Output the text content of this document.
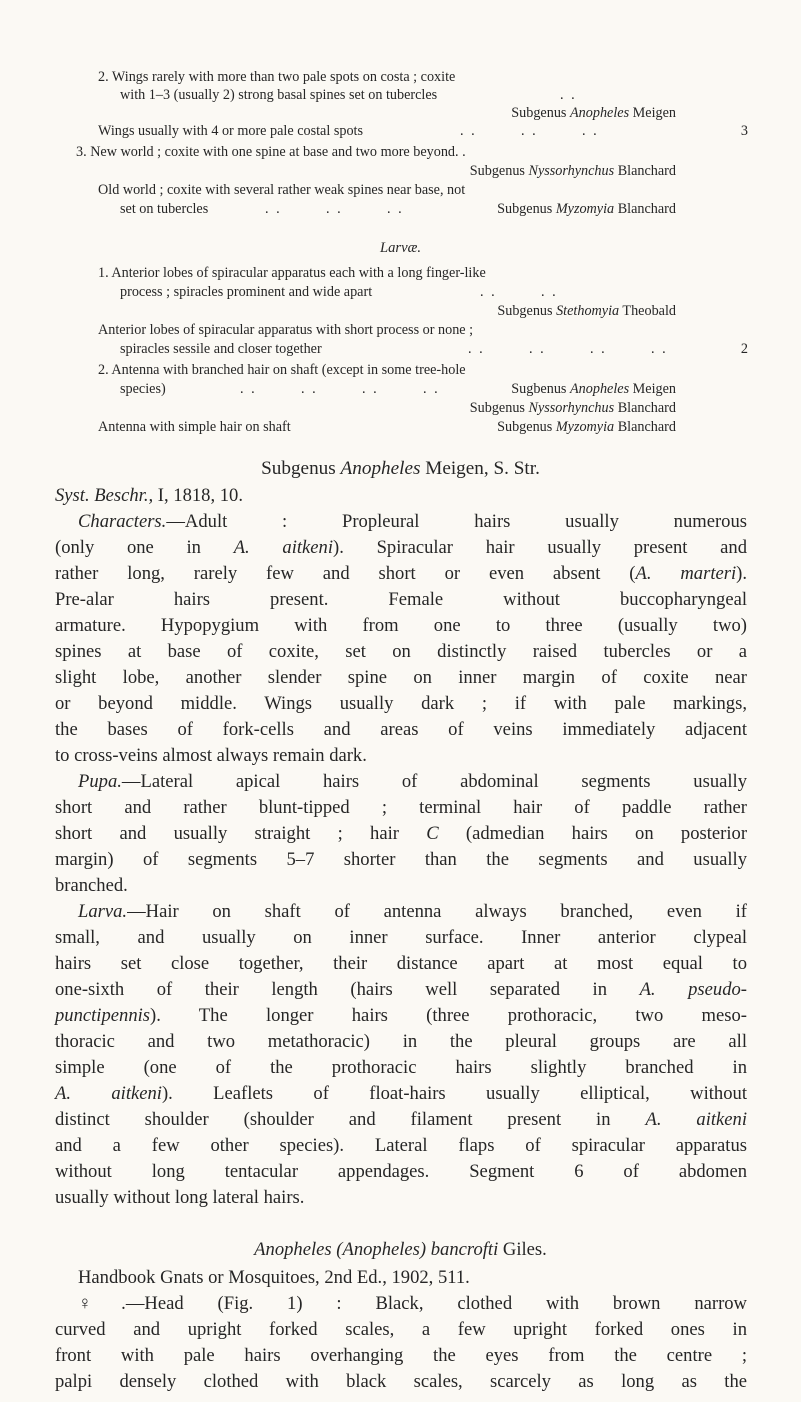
2. Wings rarely with more than two pale spots on costa ; coxite
with 1–3 (usually 2) strong basal spines set on tubercles	. .
Subgenus Anopheles Meigen
Wings usually with 4 or more pale costal spots	. .        . .        . .	3
3. New world ; coxite with one spine at base and two more beyond. .
Subgenus Nyssorhynchus Blanchard
Old world ; coxite with several rather weak spines near base, not
set on tubercles	. .        . .        . .	Subgenus Myzomyia Blanchard
Larvæ.
1. Anterior lobes of spiracular apparatus each with a long finger-like
process ; spiracles prominent and wide apart	. .        . .
Subgenus Stethomyia Theobald
Anterior lobes of spiracular apparatus with short process or none ;
spiracles sessile and closer together	. .        . .        . .        . .	2
2. Antenna with branched hair on shaft (except in some tree-hole
species)	. .        . .        . .        . .	Sugbenus Anopheles Meigen
Subgenus Nyssorhynchus Blanchard
Antenna with simple hair on shaft	Subgenus Myzomyia Blanchard
Subgenus Anopheles Meigen, S. Str.
Syst. Beschr., I, 1818, 10.
Characters.—Adult : Propleural hairs usually numerous
(only one in A. aitkeni). Spiracular hair usually present and
rather long, rarely few and short or even absent (A. marteri).
Pre-alar hairs present. Female without buccopharyngeal
armature. Hypopygium with from one to three (usually two)
spines at base of coxite, set on distinctly raised tubercles or a
slight lobe, another slender spine on inner margin of coxite near
or beyond middle. Wings usually dark ; if with pale markings,
the bases of fork-cells and areas of veins immediately adjacent
to cross-veins almost always remain dark.
Pupa.—Lateral apical hairs of abdominal segments usually
short and rather blunt-tipped ; terminal hair of paddle rather
short and usually straight ; hair C (admedian hairs on posterior
margin) of segments 5–7 shorter than the segments and usually
branched.
Larva.—Hair on shaft of antenna always branched, even if
small, and usually on inner surface. Inner anterior clypeal
hairs set close together, their distance apart at most equal to
one-sixth of their length (hairs well separated in A. pseudo-
punctipennis). The longer hairs (three prothoracic, two meso-
thoracic and two metathoracic) in the pleural groups are all
simple (one of the prothoracic hairs slightly branched in
A. aitkeni). Leaflets of float-hairs usually elliptical, without
distinct shoulder (shoulder and filament present in A. aitkeni
and a few other species). Lateral flaps of spiracular apparatus
without long tentacular appendages. Segment 6 of abdomen
usually without long lateral hairs.
Anopheles (Anopheles) bancrofti Giles.
Handbook Gnats or Mosquitoes, 2nd Ed., 1902, 511.
♀.—Head (Fig. 1) : Black, clothed with brown narrow
curved and upright forked scales, a few upright forked ones in
front with pale hairs overhanging the eyes from the centre ;
palpi densely clothed with black scales, scarcely as long as the
